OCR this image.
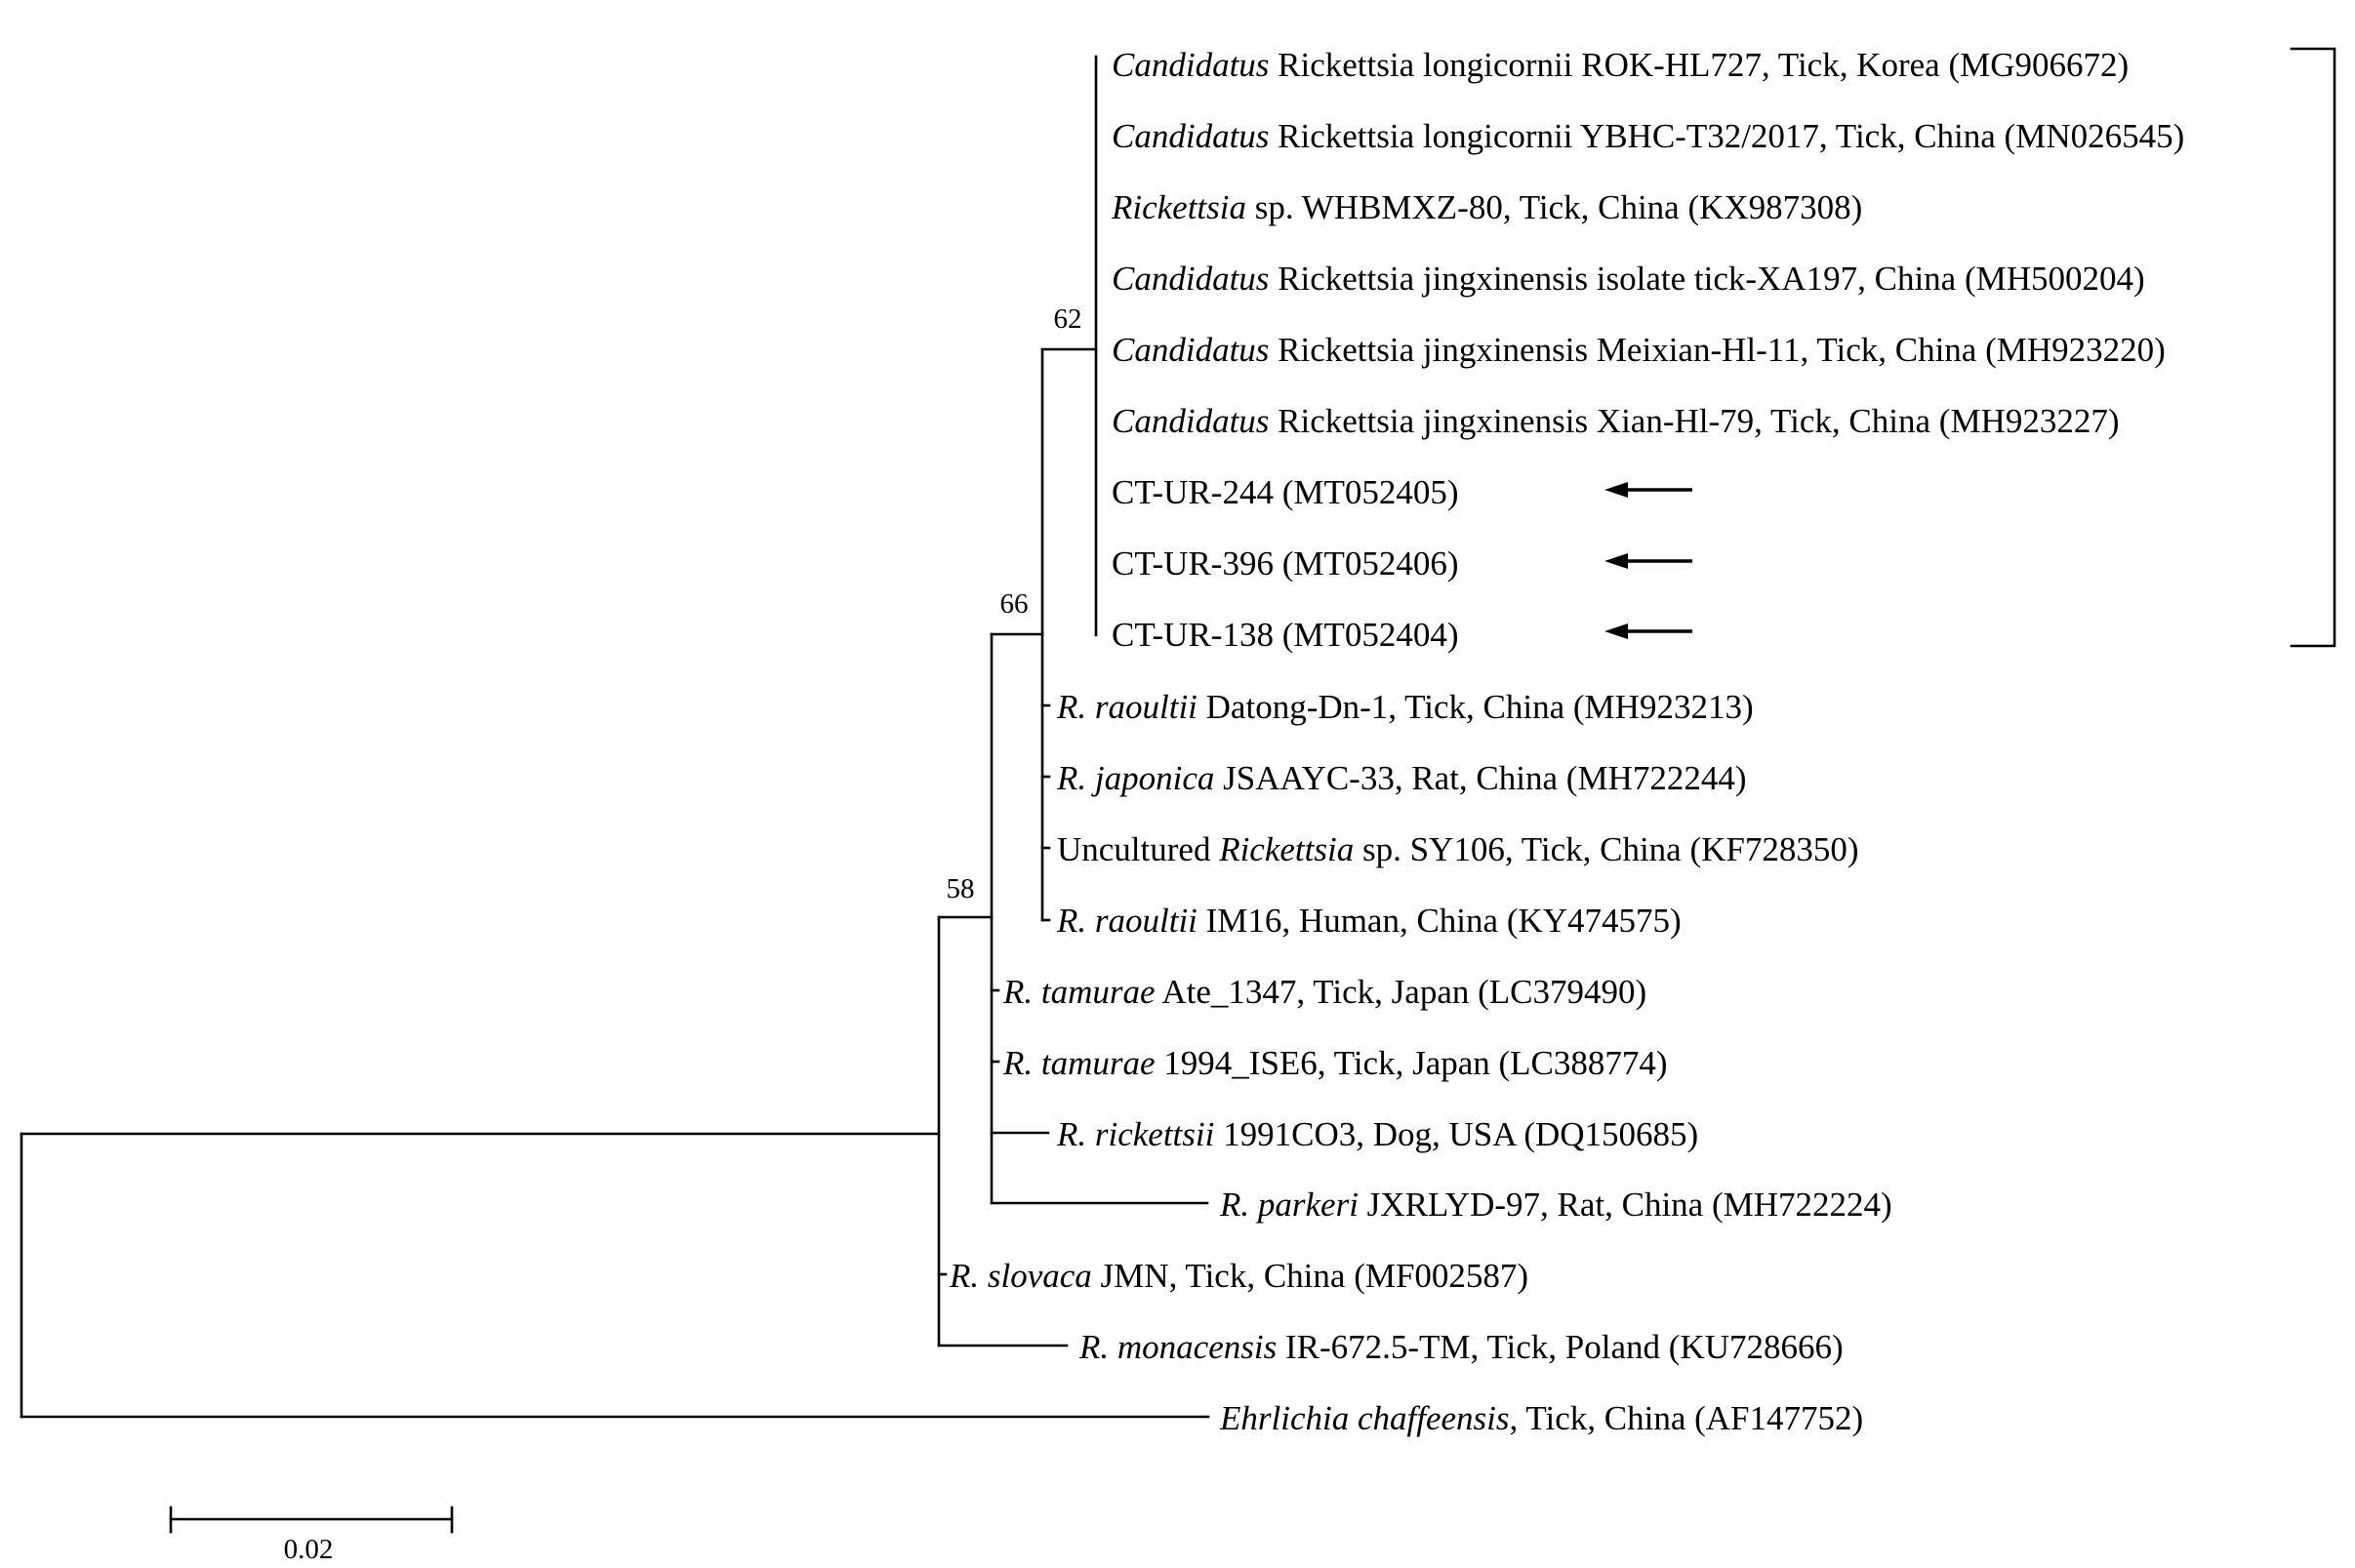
62
66
58
Candidatus Rickettsia longicornii ROK-HL727, Tick, Korea (MG906672)
Candidatus Rickettsia longicornii YBHC-T32/2017, Tick, China (MN026545)
Rickettsia sp. WHBMXZ-80, Tick, China (KX987308)
Candidatus Rickettsia jingxinensis isolate tick-XA197, China (MH500204)
Candidatus Rickettsia jingxinensis Meixian-Hl-11, Tick, China (MH923220)
Candidatus Rickettsia jingxinensis Xian-Hl-79, Tick, China (MH923227)
CT-UR-244 (MT052405)
CT-UR-396 (MT052406)
CT-UR-138 (MT052404)
R. raoultii Datong-Dn-1, Tick, China (MH923213)
R. japonica JSAAYC-33, Rat, China (MH722244)
Uncultured Rickettsia sp. SY106, Tick, China (KF728350)
R. raoultii IM16, Human, China (KY474575)
R. tamurae Ate_1347, Tick, Japan (LC379490)
R. tamurae 1994_ISE6, Tick, Japan (LC388774)
R. rickettsii 1991CO3, Dog, USA (DQ150685)
R. parkeri JXRLYD-97, Rat, China (MH722224)
R. slovaca JMN, Tick, China (MF002587)
R. monacensis IR-672.5-TM, Tick, Poland (KU728666)
Ehrlichia chaffeensis, Tick, China (AF147752)
0.02
